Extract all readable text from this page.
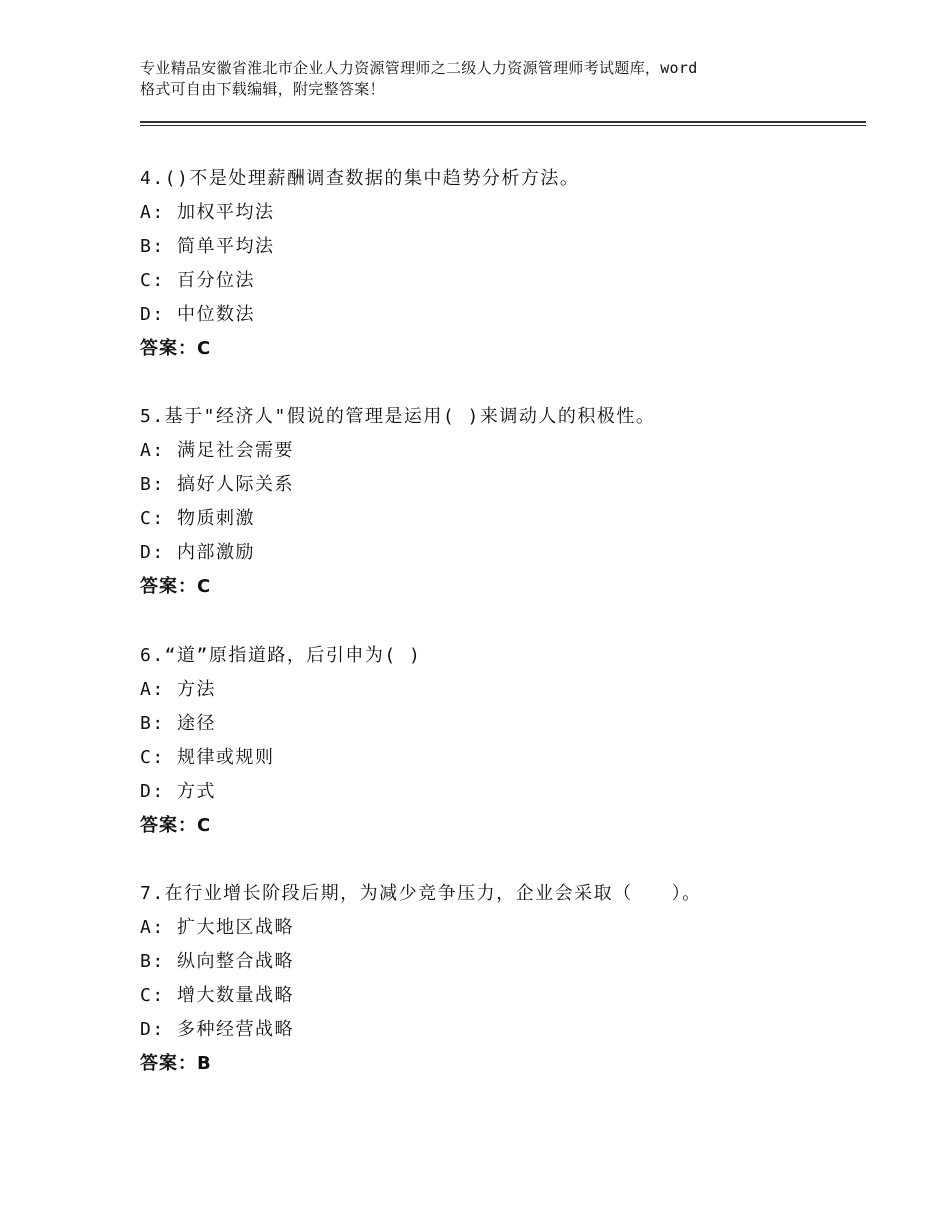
专业精品安徽省淮北市企业人力资源管理师之二级人力资源管理师考试题库，word
格式可自由下载编辑，附完整答案！
4.()不是处理薪酬调查数据的集中趋势分析方法。
A: 加权平均法
B: 简单平均法
C: 百分位法
D: 中位数法
答案：C
5.基于"经济人"假说的管理是运用( )来调动人的积极性。
A: 满足社会需要
B: 搞好人际关系
C: 物质刺激
D: 内部激励
答案：C
6.“道”原指道路，后引申为( )
A: 方法
B: 途径
C: 规律或规则
D: 方式
答案：C
7.在行业增长阶段后期，为减少竞争压力，企业会采取（　　）。
A: 扩大地区战略
B: 纵向整合战略
C: 增大数量战略
D: 多种经营战略
答案：B
